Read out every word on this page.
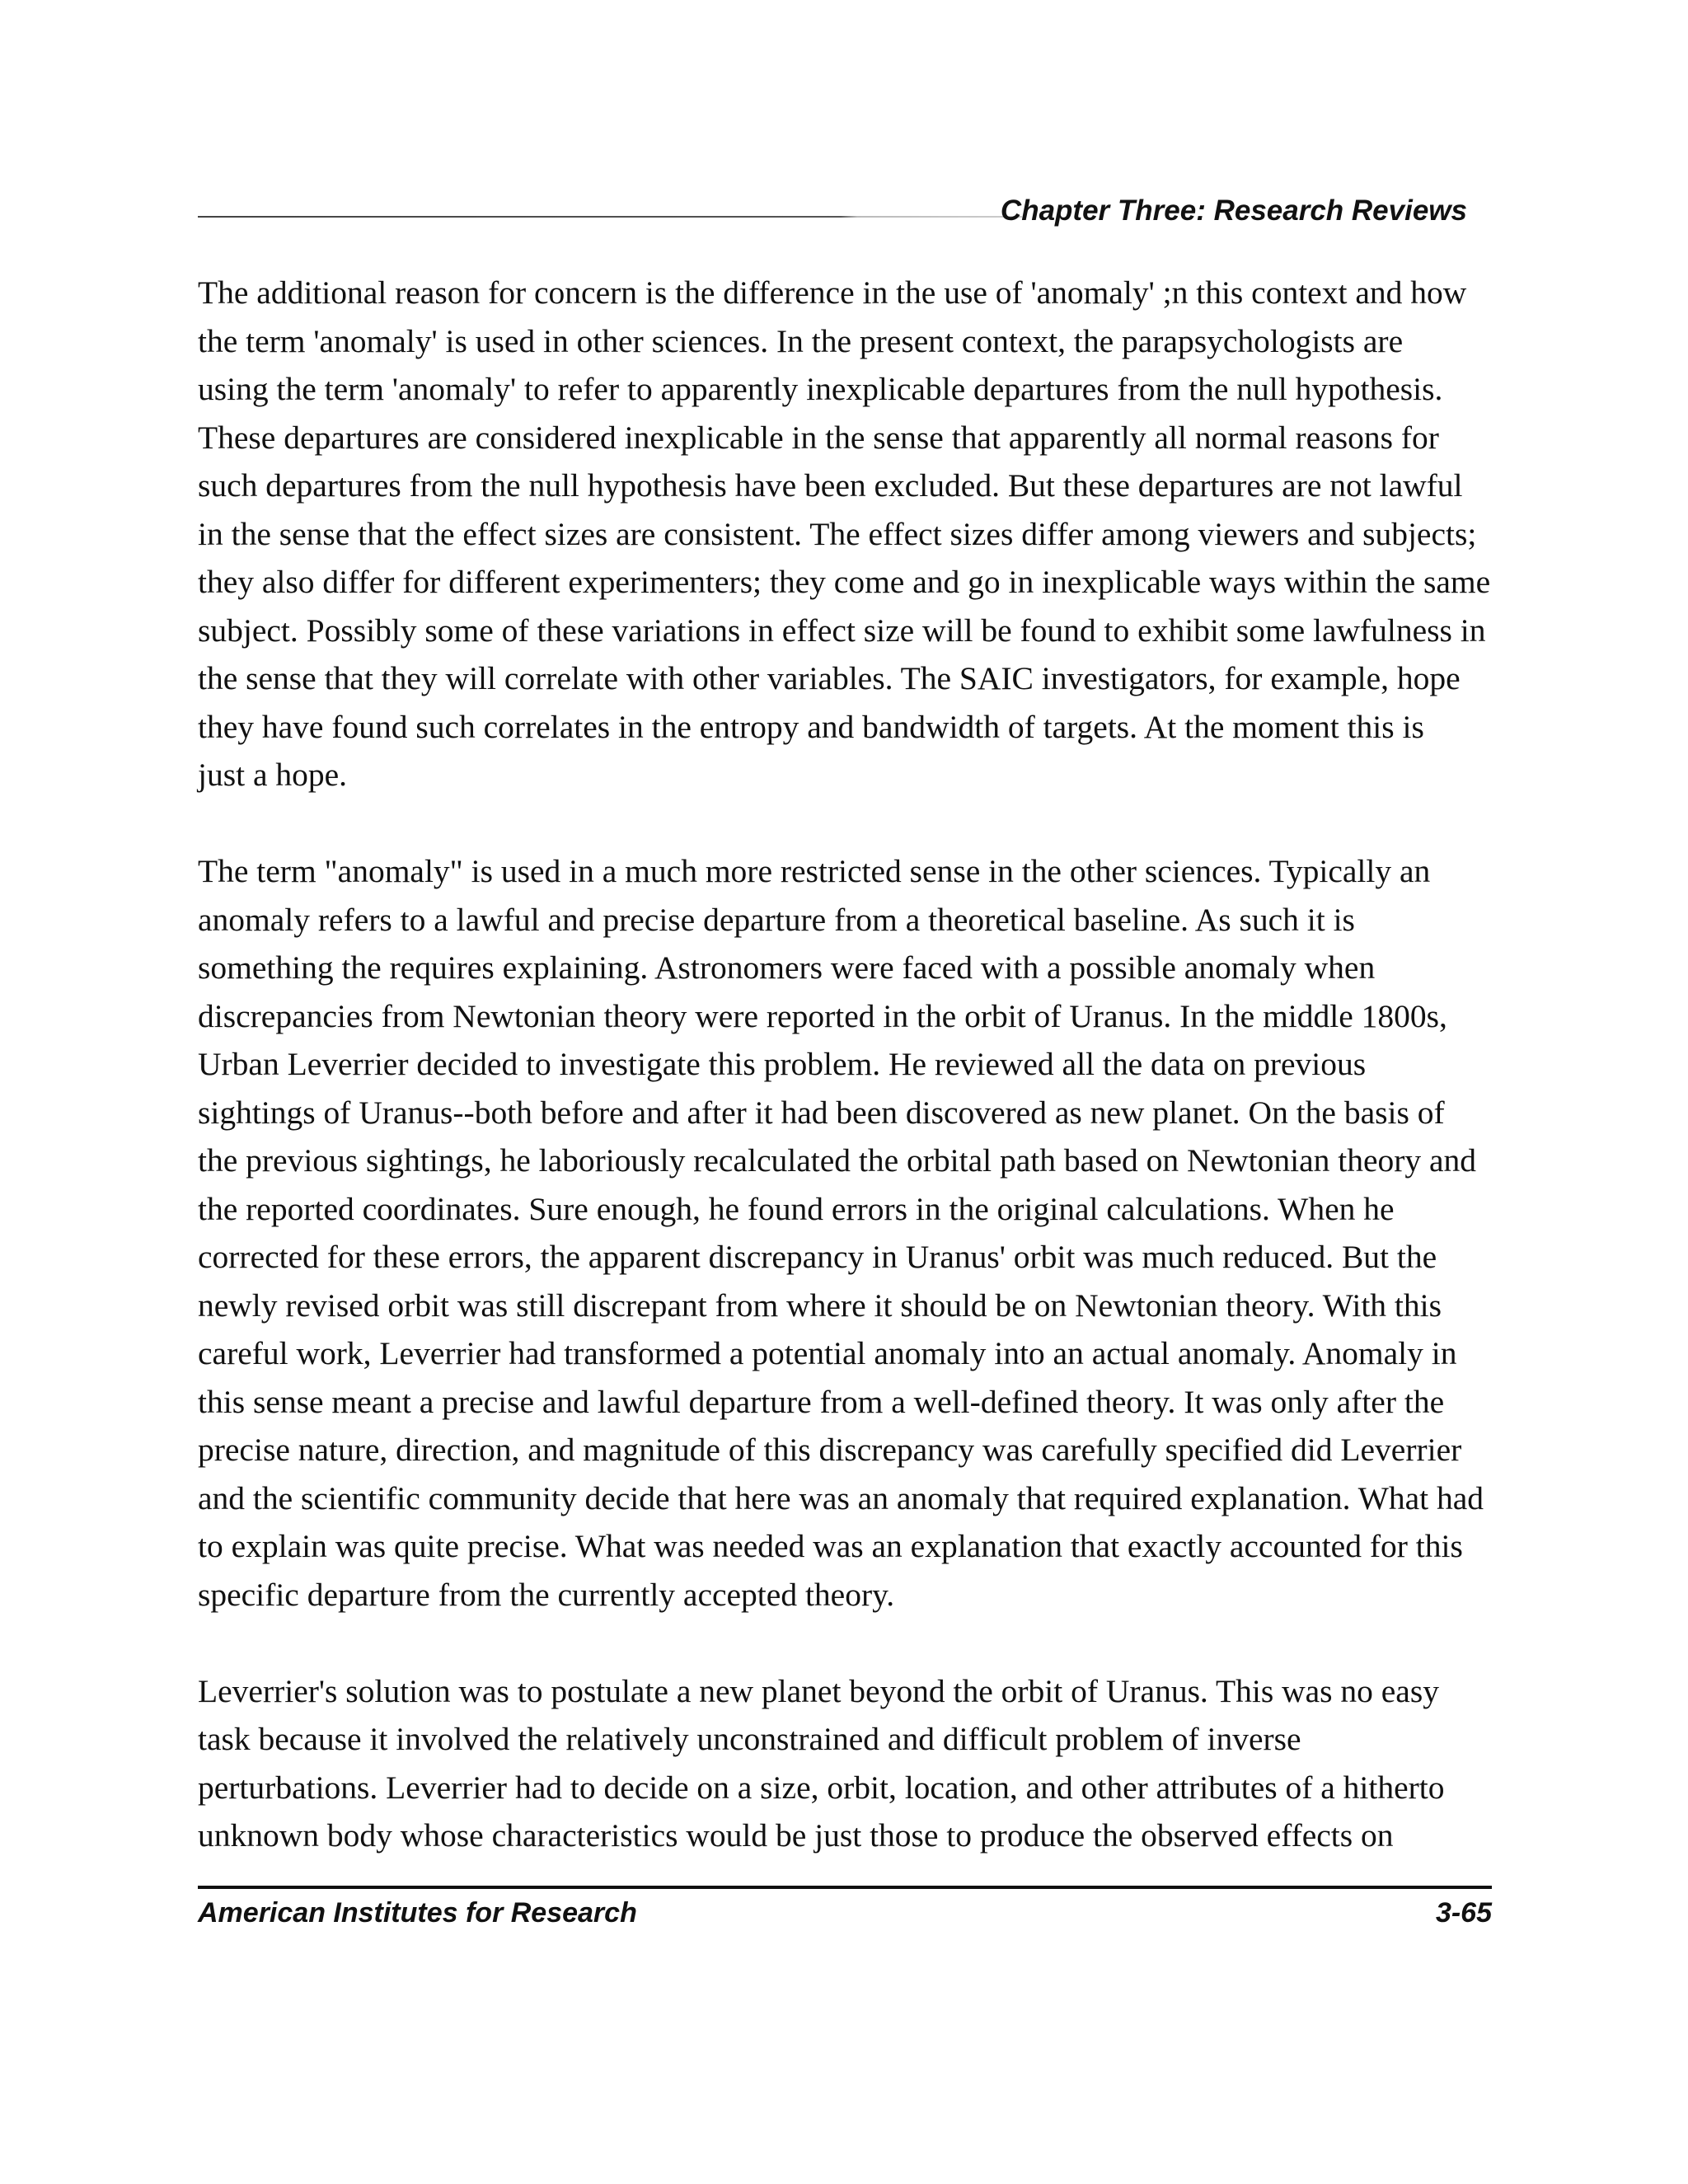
Chapter Three: Research Reviews

The additional reason for concern is the difference in the use of 'anomaly' ;n this context and how
the term 'anomaly' is used in other sciences. In the present context, the parapsychologists are
using the term 'anomaly' to refer to apparently inexplicable departures from the null hypothesis.
These departures are considered inexplicable in the sense that apparently all normal reasons for
such departures from the null hypothesis have been excluded. But these departures are not lawful
in the sense that the effect sizes are consistent. The effect sizes differ among viewers and subjects;
they also differ for different experimenters; they come and go in inexplicable ways within the same
subject. Possibly some of these variations in effect size will be found to exhibit some lawfulness in
the sense that they will correlate with other variables. The SAIC investigators, for example, hope
they have found such correlates in the entropy and bandwidth of targets. At the moment this is
just a hope.

The term "anomaly" is used in a much more restricted sense in the other sciences. Typically an
anomaly refers to a lawful and precise departure from a theoretical baseline. As such it is
something the requires explaining. Astronomers were faced with a possible anomaly when
discrepancies from Newtonian theory were reported in the orbit of Uranus. In the middle 1800s,
Urban Leverrier decided to investigate this problem. He reviewed all the data on previous
sightings of Uranus--both before and after it had been discovered as new planet. On the basis of
the previous sightings, he laboriously recalculated the orbital path based on Newtonian theory and
the reported coordinates. Sure enough, he found errors in the original calculations. When he
corrected for these errors, the apparent discrepancy in Uranus' orbit was much reduced. But the
newly revised orbit was still discrepant from where it should be on Newtonian theory. With this
careful work, Leverrier had transformed a potential anomaly into an actual anomaly. Anomaly in
this sense meant a precise and lawful departure from a well-defined theory. It was only after the
precise nature, direction, and magnitude of this discrepancy was carefully specified did Leverrier
and the scientific community decide that here was an anomaly that required explanation. What had
to explain was quite precise. What was needed was an explanation that exactly accounted for this
specific departure from the currently accepted theory.

Leverrier's solution was to postulate a new planet beyond the orbit of Uranus. This was no easy
task because it involved the relatively unconstrained and difficult problem of inverse
perturbations. Leverrier had to decide on a size, orbit, location, and other attributes of a hitherto
unknown body whose characteristics would be just those to produce the observed effects on

American Institutes for Research	3-65
